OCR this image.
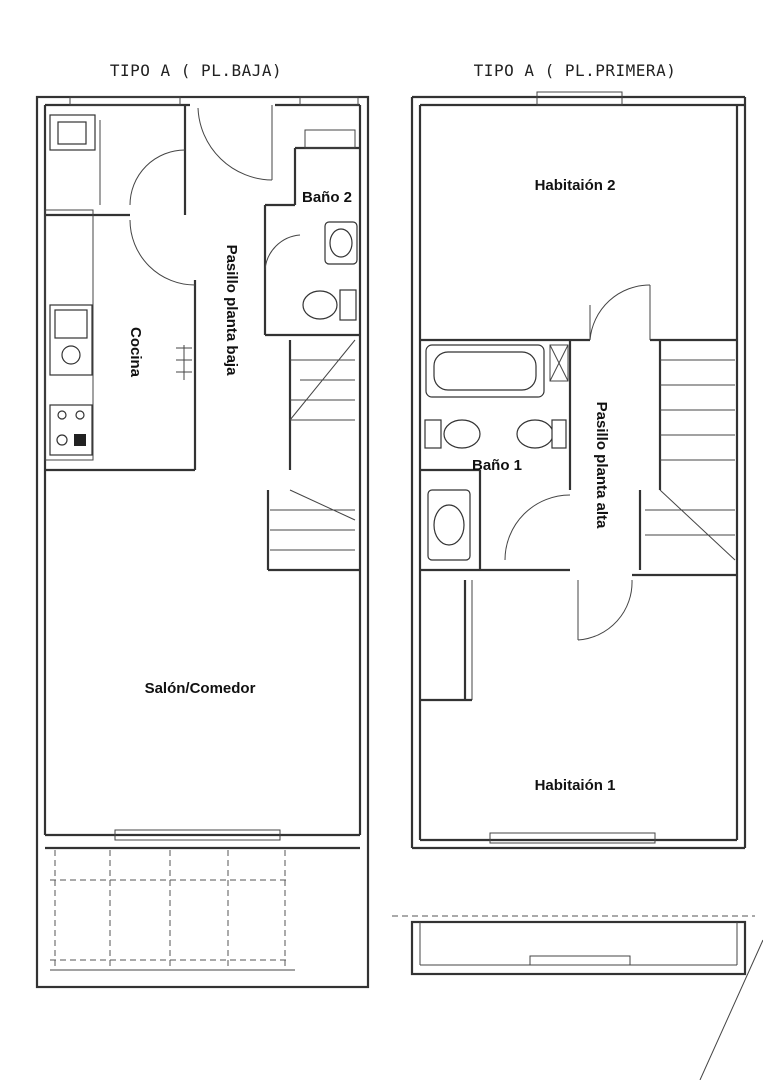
TIPO A ( PL.BAJA)
Cocina	Pasillo planta baja
Baño 2
Salón/Comedor
TIPO A ( PL.PRIMERA)
Habitaión 2
Baño 1	Pasillo planta alta
Habitaión 1
